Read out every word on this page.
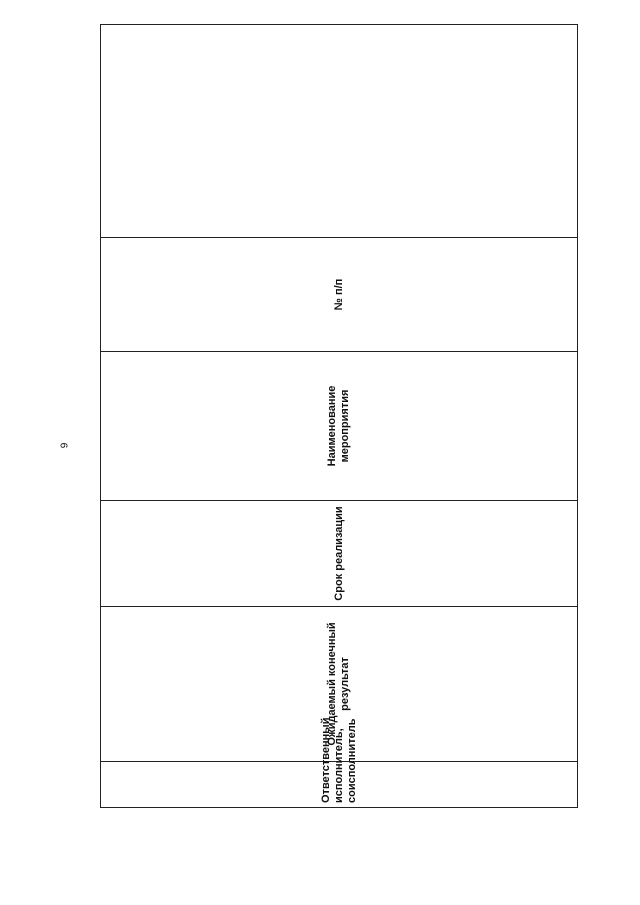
9
Ответственный исполнитель, соисполнитель	Ожидаемый конечный результат	Срок реализации	Наименование мероприятия	№ п/п	
